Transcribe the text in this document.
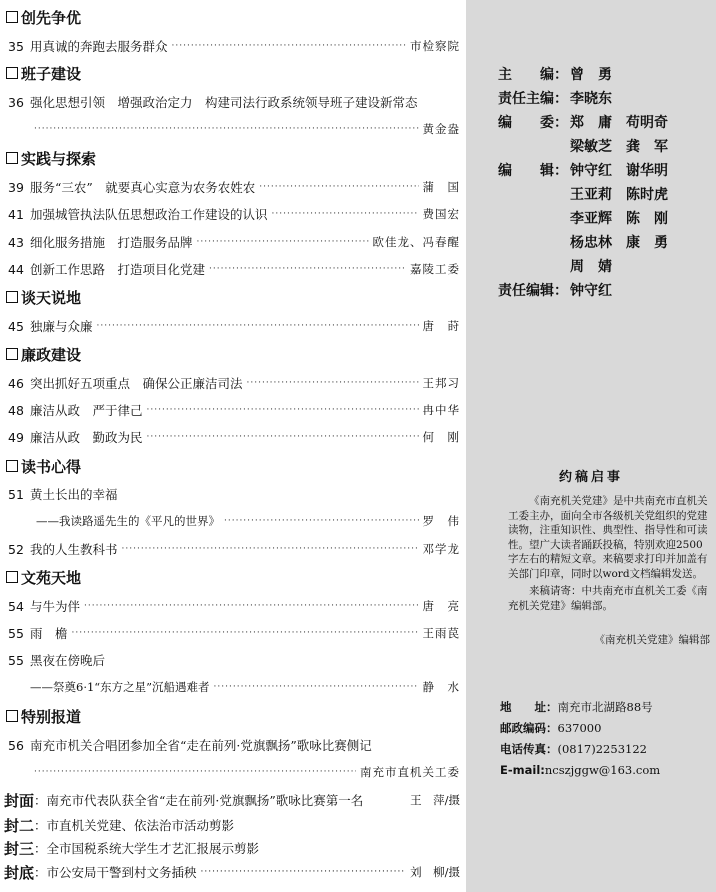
创先争优
35 用真诚的奔跑去服务群众 ·····	市检察院
班子建设
36 强化思想引领　增强政治定力　构建司法行政系统领导班子建设新常态
·····
黄金盎
实践与探索
39 服务“三农”　就要真心实意为农务农姓农 ·····	蒲　国
41 加强城管执法队伍思想政治工作建设的认识 ·····	费国宏
43 细化服务措施　打造服务品牌 ·····	欧佳龙、冯春醒
44 创新工作思路　打造项目化党建 ·····	嘉陵工委
谈天说地
45 独廉与众廉 ·····	唐　莳
廉政建设
46 突出抓好五项重点　确保公正廉洁司法 ·····	王邦习
48 廉洁从政　严于律己 ·····	冉中华
49 廉洁从政　勤政为民 ·····	何　刚
读书心得
51 黄土长出的幸福
——我读路遥先生的《平凡的世界》 ·····	罗　伟
52 我的人生教科书 ·····	邓学龙
文苑天地
54 与牛为伴 ·····	唐　亮
55 雨　檐 ·····	王雨苠
55 黑夜在傍晚后
——祭奠6·1“东方之星”沉船遇难者 ·····	静　水
特别报道
56 南充市机关合唱团参加全省“走在前列·党旗飘扬”歌咏比赛侧记
·····
南充市直机关工委
封面 ： 南充市代表队获全省“走在前列·党旗飘扬”歌咏比赛第一名	王　萍/摄
封二 ： 市直机关党建、依法治市活动剪影
封三 ： 全市国税系统大学生才艺汇报展示剪影
封底 ： 市公安局干警到村文务插秧 ·····	刘　柳/摄
主　　编： 曾　勇
责任主编： 李晓东
编　　委： 郑　庸　苟明奇
梁敏芝　龚　军
编　　辑： 钟守红　谢华明
王亚莉　陈时虎
李亚辉　陈　刚
杨忠林　康　勇
周　婧
责任编辑： 钟守红
约稿启事
《南充机关党建》是中共南充市直机关工委主办，面向全市各级机关党组织的党建读物，注重知识性、典型性、指导性和可读性。望广大读者踊跃投稿，特别欢迎2500字左右的精短文章。来稿要求打印并加盖有关部门印章，同时以word文档编辑发送。
来稿请寄：中共南充市直机关工委《南充机关党建》编辑部。
《南充机关党建》编辑部
地　　址： 南充市北湖路88号
邮政编码： 637000
电话传真： (0817)2253122
E-mail: ncszjggw@163.com
